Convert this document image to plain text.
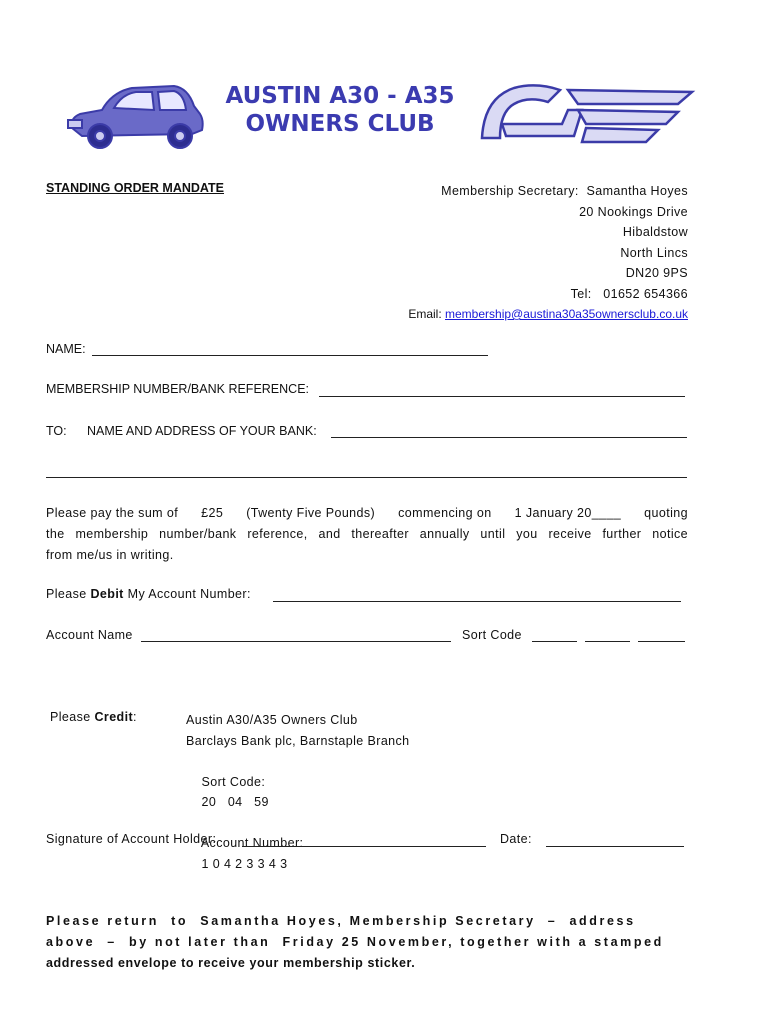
AUSTIN A30 - A35
OWNERS CLUB
STANDING ORDER MANDATE	Membership Secretary: Samantha Hoyes
20 Nookings Drive
Hibaldstow
North Lincs
DN20 9PS
Tel: 01652 654366
Email: membership@austina30a35ownersclub.co.uk
NAME:
MEMBERSHIP NUMBER/BANK REFERENCE:
TO: NAME AND ADDRESS OF YOUR BANK:
Please pay the sum of £25 (Twenty Five Pounds) commencing on 1 January 20____ quoting
the membership number/bank reference, and thereafter annually until you receive further notice
from me/us in writing.
Please Debit My Account Number:
Account Name	Sort Code
Please Credit:	Austin A30/A35 Owners Club
Barclays Bank plc, Barnstaple Branch

Sort Code:
20   04   59

Account Number:
1 0 4 2 3 3 4 3

Signature of Account Holder:	Date:
Please return  to  Samantha Hoyes, Membership Secretary  –  address
above  –  by not later than  Friday 25 November, together with a stamped
addressed envelope to receive your membership sticker.
